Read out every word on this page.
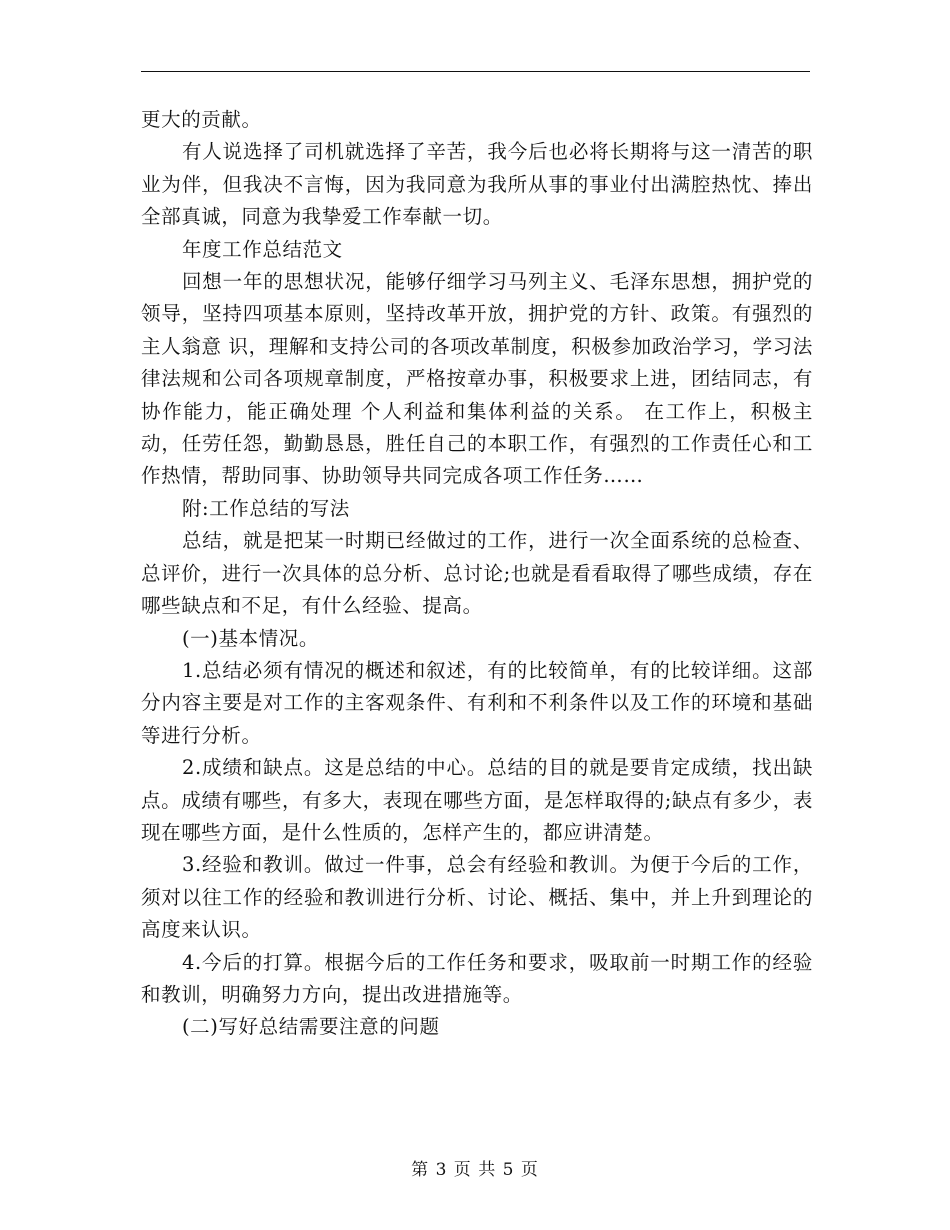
更大的贡献。

有人说选择了司机就选择了辛苦，我今后也必将长期将与这一清苦的职业为伴，但我决不言悔，因为我同意为我所从事的事业付出满腔热忱、捧出全部真诚，同意为我挚爱工作奉献一切。

年度工作总结范文

回想一年的思想状况，能够仔细学习马列主义、毛泽东思想，拥护党的领导，坚持四项基本原则，坚持改革开放，拥护党的方针、政策。有强烈的主人翁意 识，理解和支持公司的各项改革制度，积极参加政治学习，学习法律法规和公司各项规章制度，严格按章办事，积极要求上进，团结同志，有协作能力，能正确处理 个人利益和集体利益的关系。 在工作上，积极主动，任劳任怨，勤勤恳恳，胜任自己的本职工作，有强烈的工作责任心和工作热情，帮助同事、协助领导共同完成各项工作任务……

附:工作总结的写法

总结，就是把某一时期已经做过的工作，进行一次全面系统的总检查、总评价，进行一次具体的总分析、总讨论;也就是看看取得了哪些成绩，存在哪些缺点和不足，有什么经验、提高。

(一)基本情况。

1.总结必须有情况的概述和叙述，有的比较简单，有的比较详细。这部分内容主要是对工作的主客观条件、有利和不利条件以及工作的环境和基础等进行分析。

2.成绩和缺点。这是总结的中心。总结的目的就是要肯定成绩，找出缺点。成绩有哪些，有多大，表现在哪些方面，是怎样取得的;缺点有多少，表现在哪些方面，是什么性质的，怎样产生的，都应讲清楚。

3.经验和教训。做过一件事，总会有经验和教训。为便于今后的工作，须对以往工作的经验和教训进行分析、讨论、概括、集中，并上升到理论的高度来认识。

4.今后的打算。根据今后的工作任务和要求，吸取前一时期工作的经验和教训，明确努力方向，提出改进措施等。

(二)写好总结需要注意的问题

第 3 页 共 5 页
